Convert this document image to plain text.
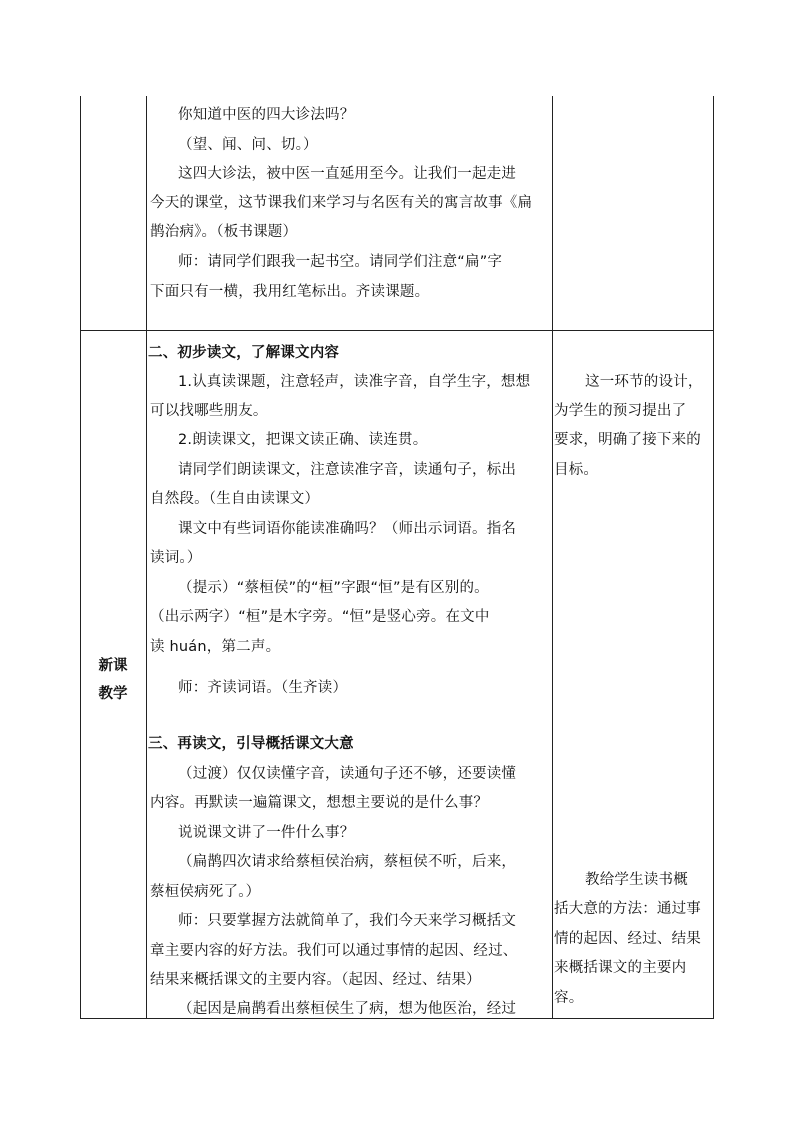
你知道中医的四大诊法吗？
（望、闻、问、切。）
这四大诊法，被中医一直延用至今。让我们一起走进
今天的课堂，这节课我们来学习与名医有关的寓言故事《扁
鹊治病》。（板书课题）
师：请同学们跟我一起书空。请同学们注意“扁”字
下面只有一横，我用红笔标出。齐读课题。
新课
教学
二、初步读文，了解课文内容
1.认真读课题，注意轻声，读准字音，自学生字，想想
可以找哪些朋友。
2.朗读课文，把课文读正确、读连贯。
请同学们朗读课文，注意读准字音，读通句子，标出
自然段。（生自由读课文）
课文中有些词语你能读准确吗？（师出示词语。指名
读词。）
（提示）“蔡桓侯”的“桓”字跟“恒”是有区别的。
（出示两字）“桓”是木字旁。“恒”是竖心旁。在文中
读 huán，第二声。
师：齐读词语。（生齐读）
三、再读文，引导概括课文大意
（过渡）仅仅读懂字音，读通句子还不够，还要读懂
内容。再默读一遍篇课文，想想主要说的是什么事？
说说课文讲了一件什么事？
（扁鹊四次请求给蔡桓侯治病，蔡桓侯不听，后来，
蔡桓侯病死了。）
师：只要掌握方法就简单了，我们今天来学习概括文
章主要内容的好方法。我们可以通过事情的起因、经过、
结果来概括课文的主要内容。（起因、经过、结果）
（起因是扁鹊看出蔡桓侯生了病，想为他医治，经过
这一环节的设计，
为学生的预习提出了
要求，明确了接下来的
目标。
教给学生读书概
括大意的方法：通过事
情的起因、经过、结果
来概括课文的主要内
容。
